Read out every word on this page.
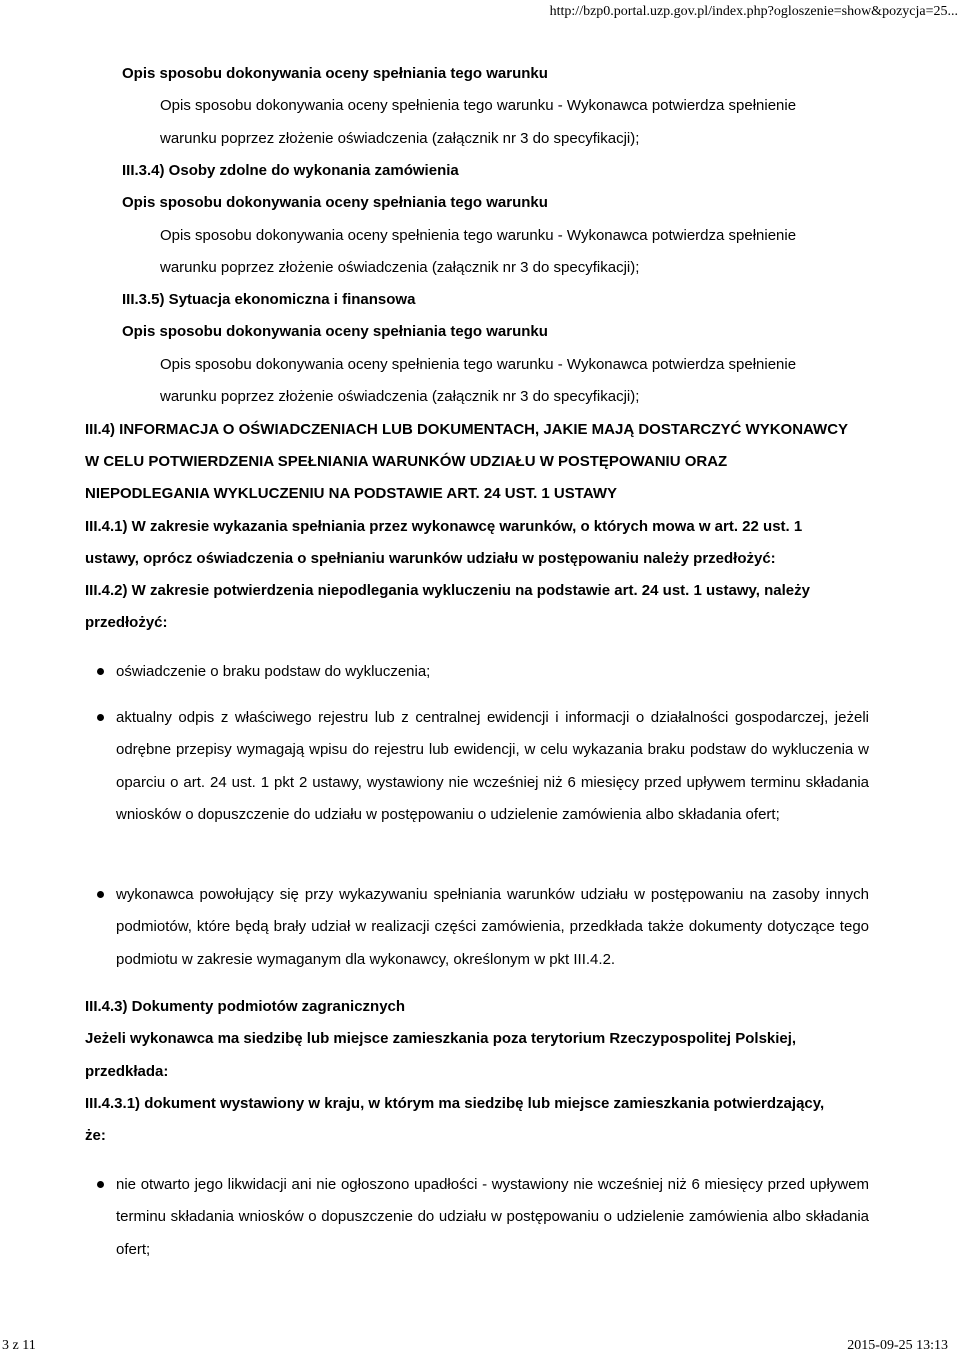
http://bzp0.portal.uzp.gov.pl/index.php?ogloszenie=show&pozycja=25...
Opis sposobu dokonywania oceny spełniania tego warunku
Opis sposobu dokonywania oceny spełnienia tego warunku - Wykonawca potwierdza spełnienie
warunku poprzez złożenie oświadczenia (załącznik nr 3 do specyfikacji);
III.3.4) Osoby zdolne do wykonania zamówienia
Opis sposobu dokonywania oceny spełniania tego warunku
Opis sposobu dokonywania oceny spełnienia tego warunku - Wykonawca potwierdza spełnienie
warunku poprzez złożenie oświadczenia (załącznik nr 3 do specyfikacji);
III.3.5) Sytuacja ekonomiczna i finansowa
Opis sposobu dokonywania oceny spełniania tego warunku
Opis sposobu dokonywania oceny spełnienia tego warunku - Wykonawca potwierdza spełnienie
warunku poprzez złożenie oświadczenia (załącznik nr 3 do specyfikacji);
III.4) INFORMACJA O OŚWIADCZENIACH LUB DOKUMENTACH, JAKIE MAJĄ DOSTARCZYĆ WYKONAWCY
W CELU POTWIERDZENIA SPEŁNIANIA WARUNKÓW UDZIAŁU W POSTĘPOWANIU ORAZ
NIEPODLEGANIA WYKLUCZENIU NA PODSTAWIE ART. 24 UST. 1 USTAWY
III.4.1) W zakresie wykazania spełniania przez wykonawcę warunków, o których mowa w art. 22 ust. 1
ustawy, oprócz oświadczenia o spełnianiu warunków udziału w postępowaniu należy przedłożyć:
III.4.2) W zakresie potwierdzenia niepodlegania wykluczeniu na podstawie art. 24 ust. 1 ustawy, należy
przedłożyć:
oświadczenie o braku podstaw do wykluczenia;
aktualny odpis z właściwego rejestru lub z centralnej ewidencji i informacji o działalności gospodarczej, jeżeli odrębne przepisy wymagają wpisu do rejestru lub ewidencji, w celu wykazania braku podstaw do wykluczenia w oparciu o art. 24 ust. 1 pkt 2 ustawy, wystawiony nie wcześniej niż 6 miesięcy przed upływem terminu składania wniosków o dopuszczenie do udziału w postępowaniu o udzielenie zamówienia albo składania ofert;
wykonawca powołujący się przy wykazywaniu spełniania warunków udziału w postępowaniu na zasoby innych podmiotów, które będą brały udział w realizacji części zamówienia, przedkłada także dokumenty dotyczące tego podmiotu w zakresie wymaganym dla wykonawcy, określonym w pkt III.4.2.
III.4.3) Dokumenty podmiotów zagranicznych
Jeżeli wykonawca ma siedzibę lub miejsce zamieszkania poza terytorium Rzeczypospolitej Polskiej,
przedkłada:
III.4.3.1) dokument wystawiony w kraju, w którym ma siedzibę lub miejsce zamieszkania potwierdzający,
że:
nie otwarto jego likwidacji ani nie ogłoszono upadłości - wystawiony nie wcześniej niż 6 miesięcy przed upływem terminu składania wniosków o dopuszczenie do udziału w postępowaniu o udzielenie zamówienia albo składania ofert;
3 z 11	2015-09-25 13:13
